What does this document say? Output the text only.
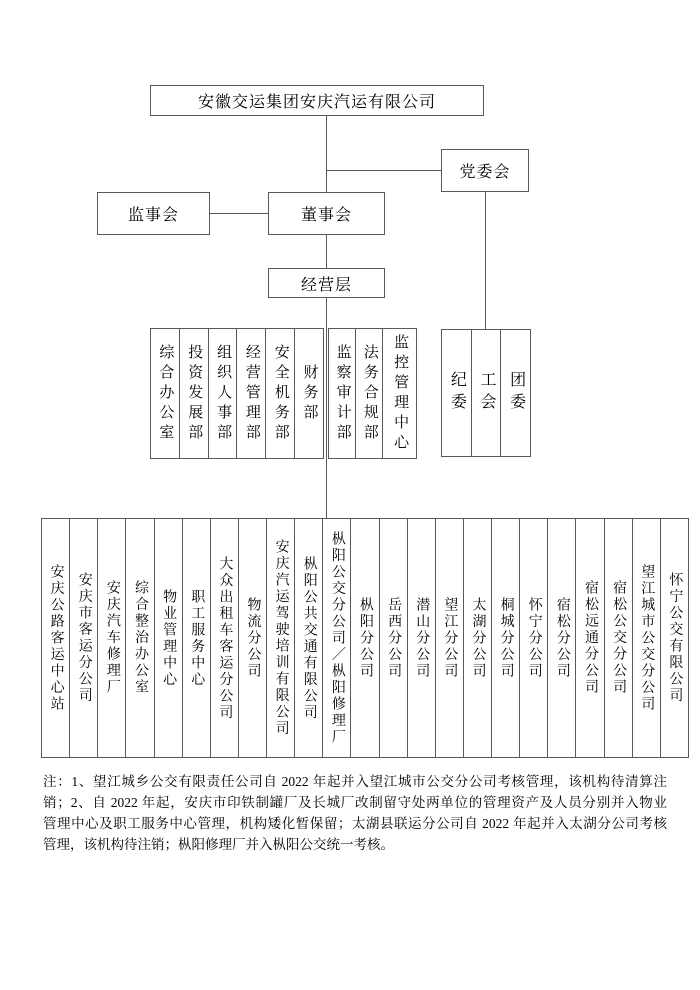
安徽交运集团安庆汽运有限公司
党委会
监事会	董事会
经营层
综合办公室 投资发展部 组织人事部 经营管理部 安全机务部 财务部 监察审计部 法务合规部 监控管理中心	纪委 工会 团委
安庆公路客运中心站 安庆市客运分公司 安庆汽车修理厂 综合整治办公室 物业管理中心 职工服务中心 大众出租车客运分公司 物流分公司 安庆汽运驾驶培训有限公司 枞阳公共交通有限公司 枞阳公交分公司／枞阳修理厂 枞阳分公司 岳西分公司 潜山分公司 望江分公司 太湖分公司 桐城分公司 怀宁分公司 宿松分公司 宿松远通分公司 宿松公交分公司 望江城市公交分公司 怀宁公交有限公司
注：1、望江城乡公交有限责任公司自 2022 年起并入望江城市公交分公司考核管理，该机构待清算注
销；2、自 2022 年起，安庆市印铁制罐厂及长城厂改制留守处两单位的管理资产及人员分别并入物业
管理中心及职工服务中心管理，机构矮化暂保留；太湖县联运分公司自 2022 年起并入太湖分公司考核
管理，该机构待注销；枞阳修理厂并入枞阳公交统一考核。
